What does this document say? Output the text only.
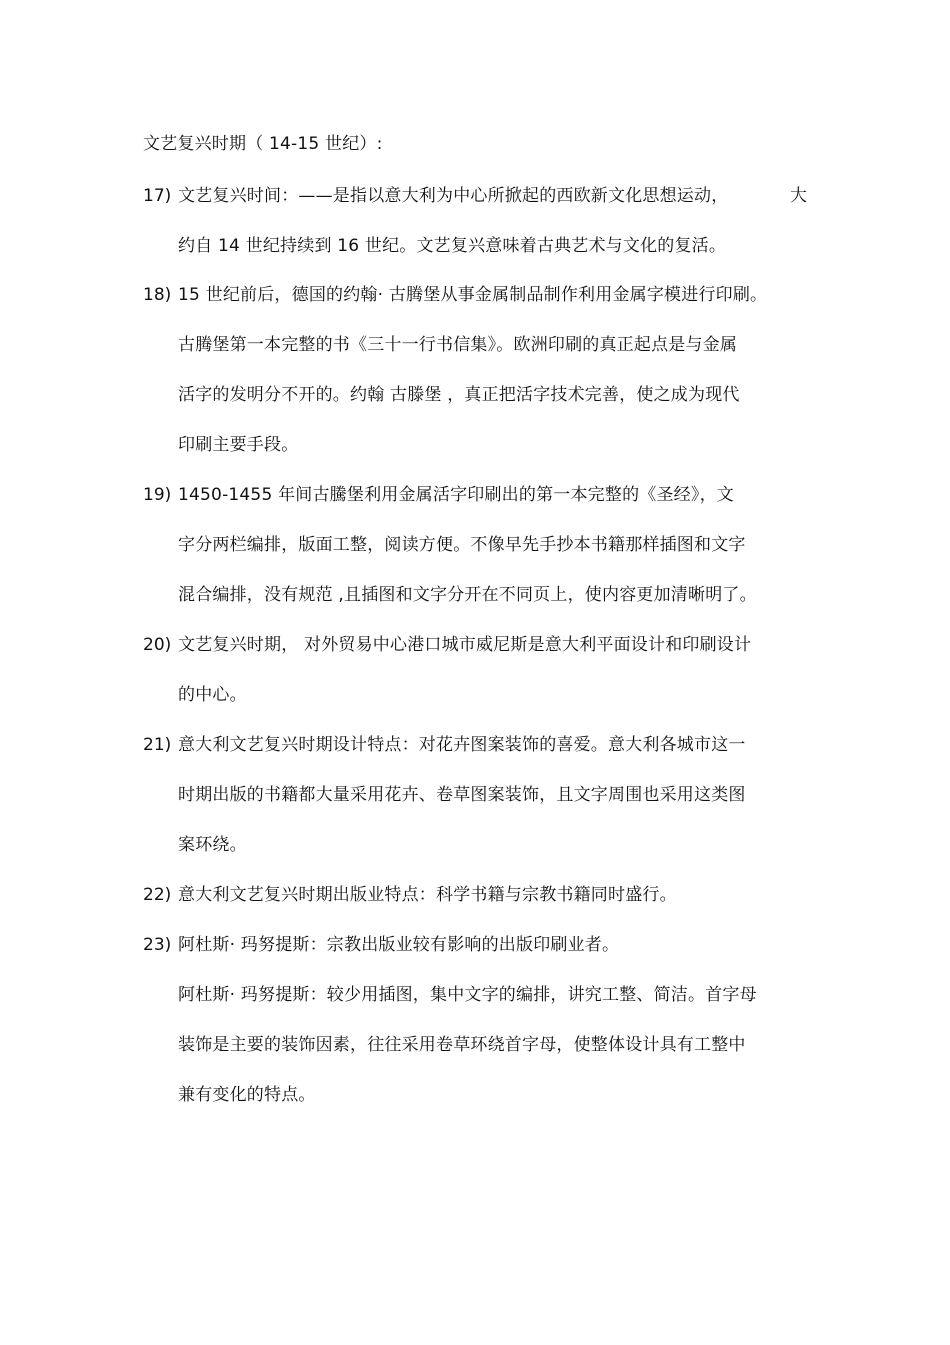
文艺复兴时期（ 14-15 世纪）:
17) 文艺复兴时间：——是指以意大利为中心所掀起的西欧新文化思想运动，	大
约自 14 世纪持续到 16 世纪。文艺复兴意味着古典艺术与文化的复活。
18) 15 世纪前后，德国的约翰· 古腾堡从事金属制品制作利用金属字模进行印刷。
古腾堡第一本完整的书《三十一行书信集》。欧洲印刷的真正起点是与金属
活字的发明分不开的。约翰 古滕堡 ，真正把活字技术完善，使之成为现代
印刷主要手段。
19) 1450-1455 年间古騰堡利用金属活字印刷出的第一本完整的《圣经》，文
字分两栏编排，版面工整，阅读方便。不像早先手抄本书籍那样插图和文字
混合编排，没有规范 ,且插图和文字分开在不同页上，使内容更加清晰明了。
20) 文艺复兴时期， 对外贸易中心港口城市威尼斯是意大利平面设计和印刷设计
的中心。
21) 意大利文艺复兴时期设计特点：对花卉图案装饰的喜爱。意大利各城市这一
时期出版的书籍都大量采用花卉、卷草图案装饰，且文字周围也采用这类图
案环绕。
22) 意大利文艺复兴时期出版业特点：科学书籍与宗教书籍同时盛行。
23) 阿杜斯· 玛努提斯：宗教出版业较有影响的出版印刷业者。
阿杜斯· 玛努提斯：较少用插图，集中文字的编排，讲究工整、简洁。首字母
装饰是主要的装饰因素，往往采用卷草环绕首字母，使整体设计具有工整中
兼有变化的特点。
